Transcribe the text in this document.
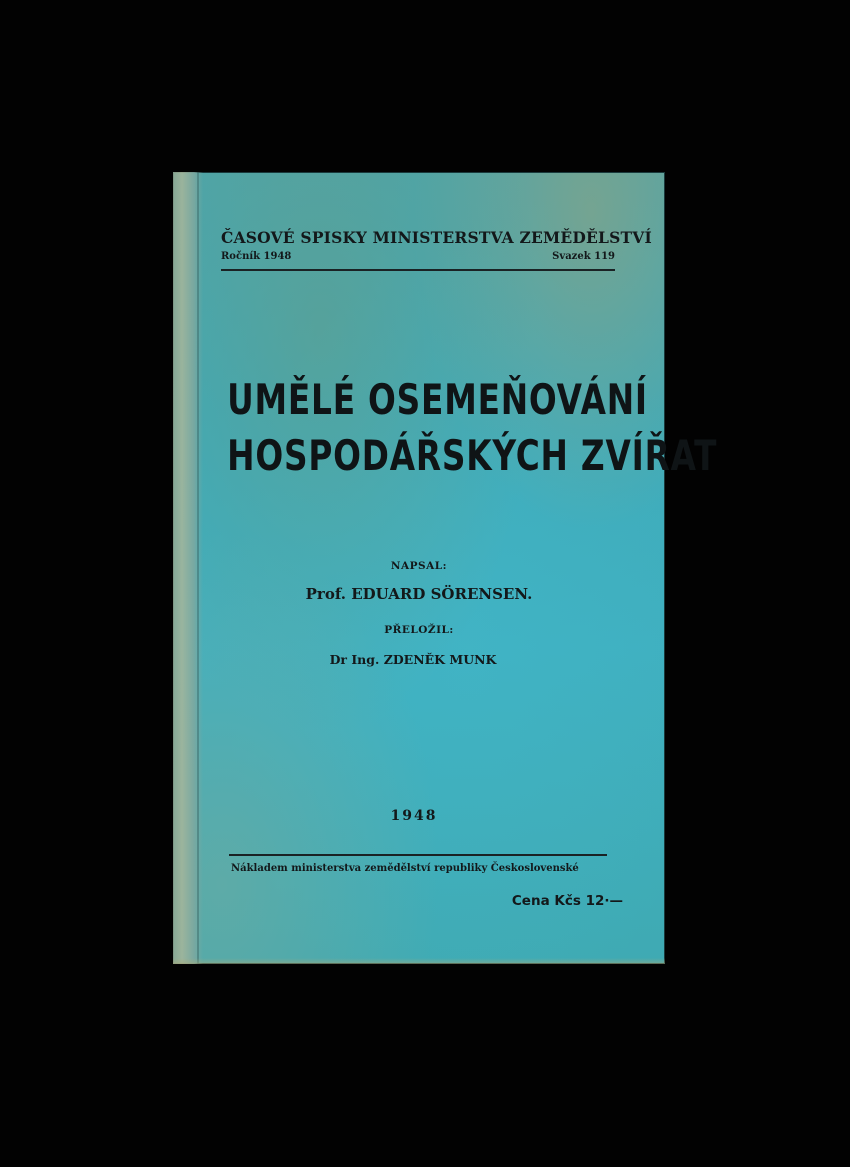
ČASOVÉ SPISKY MINISTERSTVA ZEMĚDĚLSTVÍ
Ročník 1948	Svazek 119
UMĚLÉ OSEMEŇOVÁNÍ
HOSPODÁŘSKÝCH ZVÍŘAT
NAPSAL:
Prof. EDUARD SÖRENSEN.
PŘELOŽIL:
Dr Ing. ZDENĚK MUNK
1948
Nákladem ministerstva zemědělství republiky Československé
Cena Kčs 12·—
